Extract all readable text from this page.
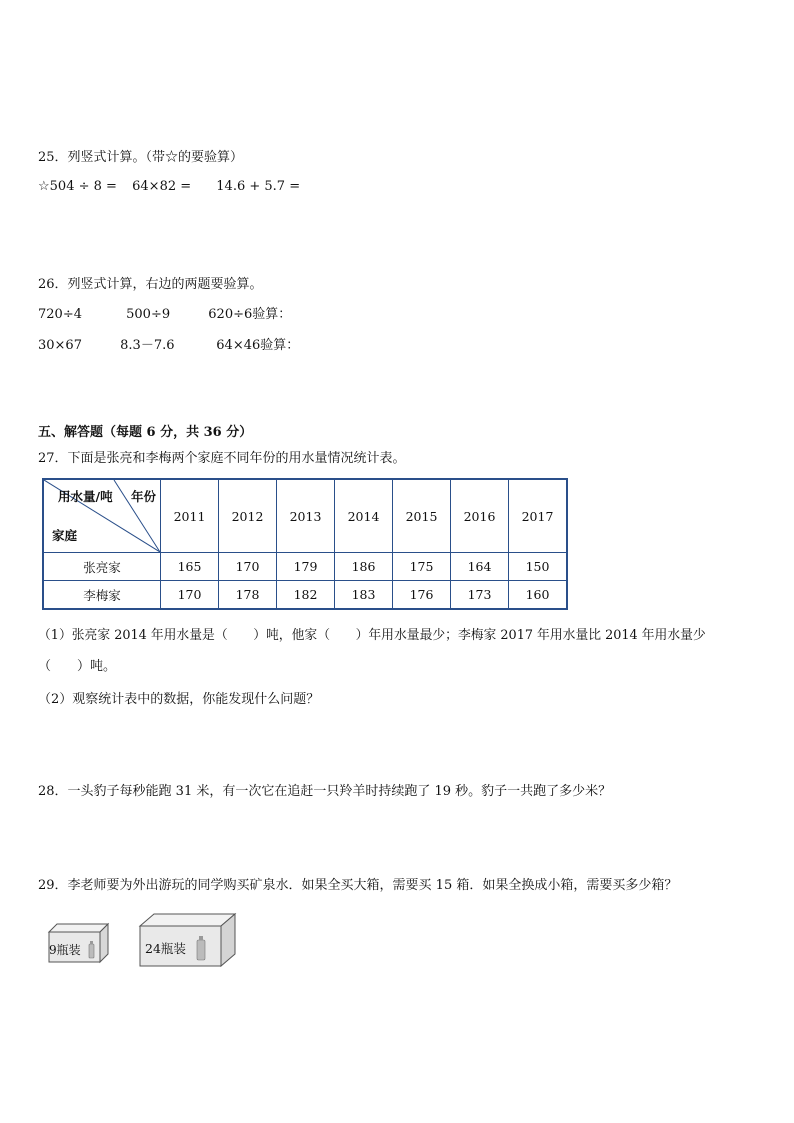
25．列竖式计算。（带☆的要验算）
☆504 ÷ 8 = 64×82 = 14.6 + 5.7 =
26．列竖式计算，右边的两题要验算。
720÷4	500÷9	620÷6验算：
30×67	8.3－7.6	64×46验算：
五、解答题（每题 6 分，共 36 分）
27．下面是张亮和李梅两个家庭不同年份的用水量情况统计表。
用水量/吨 年份
家庭	2011	2012	2013	2014	2015	2016	2017
张亮家	165	170	179	186	175	164	150
李梅家	170	178	182	183	176	173	160
（1）张亮家 2014 年用水量是（　　）吨，他家（　　）年用水量最少；李梅家 2017 年用水量比 2014 年用水量少
（　　）吨。
（2）观察统计表中的数据，你能发现什么问题？
28．一头豹子每秒能跑 31 米，有一次它在追赶一只羚羊时持续跑了 19 秒。豹子一共跑了多少米？
29．李老师要为外出游玩的同学购买矿泉水．如果全买大箱，需要买 15 箱．如果全换成小箱，需要买多少箱？
9瓶装	24瓶装
